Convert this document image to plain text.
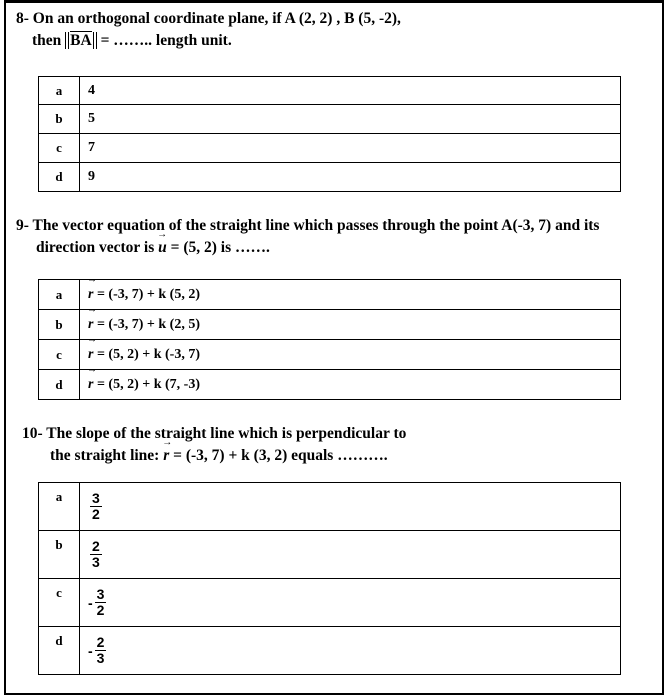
8- On an orthogonal coordinate plane, if A (2, 2) , B (5, -2),
then BA = …….. length unit.
a	4
b	5
c	7
d	9
9- The vector equation of the straight line which passes through the point A(-3, 7) and its
direction vector is → u = (5, 2) is …….
a	→ r = (-3, 7) + k (5, 2)
b	→ r = (-3, 7) + k (2, 5)
c	→ r = (5, 2) + k (-3, 7)
d	→ r = (5, 2) + k (7, -3)
10- The slope of the straight line which is perpendicular to
the straight line: → r = (-3, 7) + k (3, 2) equals ……….
a	$\frac{3}{2}$

b	$\frac{2}{3}$

c	- $\frac{3}{2}$

d	- $\frac{2}{3}$
